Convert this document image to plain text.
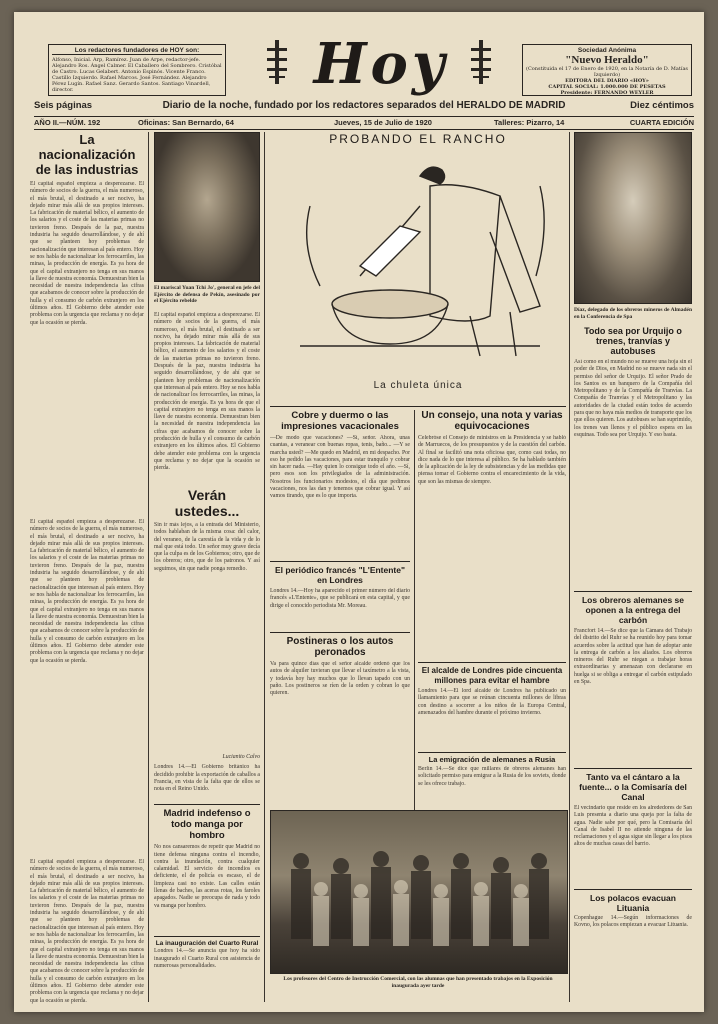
Los redactores fundadores de HOY son:
Alfonso, Inicial. Arp, Ramírez. Juan de Arpe, redactor-jefe. Alejandro Ros. Ángel Calmer. El Caballero del Sombrero. Cristóbal de Castro. Lucas Gelabert. Antonio Espinós. Vicente Franco. Castillo Izquierdo. Rafael Marcos. José Fernández. Alejandro Pérez Lugín. Rafael Sanz. Gerardo Santos. Santiago Vinardell, director.	Hoy	Sociedad Anónima
"Nuevo Heraldo"
(Constituida el 17 de Enero de 1920, en la Notaría de D. Matías Izquierdo)
EDITORA DEL DIARIO «HOY»
CAPITAL SOCIAL: 1.000.000 DE PESETAS
Presidente: FERNANDO WEYLER
Seis páginas	Diario de la noche, fundado por los redactores separados del HERALDO DE MADRID	Diez céntimos
AÑO II.—NÚM. 192	Oficinas: San Bernardo, 64	Jueves, 15 de Julio de 1920	Talleres: Pizarro, 14	CUARTA EDICIÓN
La nacionalización de las industrias
El capital español empieza a desperezarse. El número de socios de la guerra, el más numeroso, el más brutal, el destinado a ser nocivo, ha dejado mirar más allá de sus propios intereses. La fabricación de material bélico, el aumento de los salarios y el coste de las materias primas no tuvieron freno. Después de la paz, nuestra industria ha seguido desarrollándose, y de ahí que se planteen hoy problemas de nacionalización que interesan al país entero. Hoy se nos habla de nacionalizar los ferrocarriles, las minas, la producción de energía. Es ya hora de que el capital extranjero no tenga en sus manos la llave de nuestra economía. Demuestran bien la necesidad de nuestra independencia las cifras que acabamos de conocer sobre la producción de hulla y el consumo de carbón extranjero en los últimos años. El Gobierno debe atender este problema con la urgencia que reclama y no dejar que la ocasión se pierda.
El capital español empieza a desperezarse. El número de socios de la guerra, el más numeroso, el más brutal, el destinado a ser nocivo, ha dejado mirar más allá de sus propios intereses. La fabricación de material bélico, el aumento de los salarios y el coste de las materias primas no tuvieron freno. Después de la paz, nuestra industria ha seguido desarrollándose, y de ahí que se planteen hoy problemas de nacionalización que interesan al país entero. Hoy se nos habla de nacionalizar los ferrocarriles, las minas, la producción de energía. Es ya hora de que el capital extranjero no tenga en sus manos la llave de nuestra economía. Demuestran bien la necesidad de nuestra independencia las cifras que acabamos de conocer sobre la producción de hulla y el consumo de carbón extranjero en los últimos años. El Gobierno debe atender este problema con la urgencia que reclama y no dejar que la ocasión se pierda.
El capital español empieza a desperezarse. El número de socios de la guerra, el más numeroso, el más brutal, el destinado a ser nocivo, ha dejado mirar más allá de sus propios intereses. La fabricación de material bélico, el aumento de los salarios y el coste de las materias primas no tuvieron freno. Después de la paz, nuestra industria ha seguido desarrollándose, y de ahí que se planteen hoy problemas de nacionalización que interesan al país entero. Hoy se nos habla de nacionalizar los ferrocarriles, las minas, la producción de energía. Es ya hora de que el capital extranjero no tenga en sus manos la llave de nuestra economía. Demuestran bien la necesidad de nuestra independencia las cifras que acabamos de conocer sobre la producción de hulla y el consumo de carbón extranjero en los últimos años. El Gobierno debe atender este problema con la urgencia que reclama y no dejar que la ocasión se pierda.
El mariscal Yuan Tchi Jo', general en jefe del Ejército de defensa de Pekín, asesinado por el Ejército rebelde
PROBANDO EL RANCHO
La chuleta única
Díaz, delegado de los obreros mineros de Almadén en la Conferencia de Spa
Todo sea por Urquijo o trenes, tranvías y autobuses
Así como en el mundo no se mueve una hoja sin el poder de Dios, en Madrid no se mueve nada sin el permiso del señor de Urquijo. El señor Prado de los Santos es un banquero de la Compañía del Metropolitano y de la Compañía de Tranvías. La Compañía de Tranvías y el Metropolitano y las autoridades de la ciudad están todos de acuerdo para que no haya más medios de transporte que los que ellos quieren. Los autobuses se han suprimido, los trenes van llenos y el público espera en las esquinas. Todo sea por Urquijo. Y eso basta.
Los obreros alemanes se oponen a la entrega del carbón
Francfort 14.—Se dice que la Cámara del Trabajo del distrito del Ruhr se ha reunido hoy para tomar acuerdos sobre la actitud que han de adoptar ante la entrega de carbón a los aliados. Los obreros mineros del Ruhr se niegan a trabajar horas extraordinarias y amenazan con declararse en huelga si se obliga a entregar el carbón estipulado en Spa.
Tanto va el cántaro a la fuente... o la Comisaría del Canal
El vecindario que reside en los alrededores de San Luis presenta a diario una queja por la falta de agua. Nadie sabe por qué, pero la Comisaría del Canal de Isabel II no atiende ninguna de las reclamaciones y el agua sigue sin llegar a los pisos altos de muchas casas del barrio.
Los polacos evacuan Lituania
Copenhague 14.—Según informaciones de Kovno, los polacos empiezan a evacuar Lituania.
El capital español empieza a desperezarse. El número de socios de la guerra, el más numeroso, el más brutal, el destinado a ser nocivo, ha dejado mirar más allá de sus propios intereses. La fabricación de material bélico, el aumento de los salarios y el coste de las materias primas no tuvieron freno. Después de la paz, nuestra industria ha seguido desarrollándose, y de ahí que se planteen hoy problemas de nacionalización que interesan al país entero. Hoy se nos habla de nacionalizar los ferrocarriles, las minas, la producción de energía. Es ya hora de que el capital extranjero no tenga en sus manos la llave de nuestra economía. Demuestran bien la necesidad de nuestra independencia las cifras que acabamos de conocer sobre la producción de hulla y el consumo de carbón extranjero en los últimos años. El Gobierno debe atender este problema con la urgencia que reclama y no dejar que la ocasión se pierda.
Verán ustedes...
Sin ir más lejos, a la entrada del Ministerio, todos hablaban de la misma cosa: del calor, del veraneo, de la carestía de la vida y de lo mal que está todo. Un señor muy grave decía que la culpa es de los Gobiernos; otro, que de los obreros; otro, que de los patronos. Y así seguimos, sin que nadie ponga remedio.
Lucianito Calvo
Londres 14.—El Gobierno británico ha decidido prohibir la exportación de caballos a Francia, en vista de la falta que de ellos se nota en el Reino Unido.
Madrid indefenso o todo manga por hombro
No nos cansaremos de repetir que Madrid no tiene defensa ninguna contra el incendio, contra la inundación, contra cualquier calamidad. El servicio de incendios es deficiente, el de policía es escaso, el de limpieza casi no existe. Las calles están llenas de baches, las aceras rotas, los faroles apagados. Nadie se preocupa de nada y todo va manga por hombro.
La inauguración del Cuarto Rural
Londres 14.—Se anuncia que hoy ha sido inaugurado el Cuarto Rural con asistencia de numerosas personalidades.
Cobre y duermo o las impresiones vacacionales
—De modo que vacaciones? —Sí, señor. Ahora, unas cuantas, a veranear con buenas ropas, tenis, baño... —Y se marcha usted? —Me quedo en Madrid, en mi despacho. Por eso he pedido las vacaciones, para estar tranquilo y cobrar sin hacer nada. —Hay quien lo consigue todo el año. —Sí, pero esos son los privilegiados de la administración. Nosotros los funcionarios modestos, el día que pedimos vacaciones, nos las dan y tenemos que cobrar igual. Y así vamos tirando, que es lo que importa.
El periódico francés "L'Entente" en Londres
Londres 14.—Hoy ha aparecido el primer número del diario francés «L'Entente», que se publicará en esta capital, y que dirige el conocido periodista Mr. Moreau.
Postineras o los autos peronados
Va para quince días que el señor alcalde ordenó que los autos de alquiler tuvieran que llevar el taxímetro a la vista, y todavía hoy hay muchos que lo llevan tapado con un paño. Los postineros se ríen de la orden y cobran lo que quieren.
Un consejo, una nota y varias equivocaciones
Celebróse el Consejo de ministros en la Presidencia y se habló de Marruecos, de los presupuestos y de la cuestión del carbón. Al final se facilitó una nota oficiosa que, como casi todas, no dice nada de lo que interesa al público. Se ha hablado también de la aplicación de la ley de subsistencias y de las medidas que piensa tomar el Gobierno contra el encarecimiento de la vida, que son las mismas de siempre.
El alcalde de Londres pide cincuenta millones para evitar el hambre
Londres 14.—El lord alcalde de Londres ha publicado un llamamiento para que se reúnan cincuenta millones de libras con destino a socorrer a los niños de la Europa Central, amenazados del hambre durante el próximo invierno.
La emigración de alemanes a Rusia
Berlín 14.—Se dice que millares de obreros alemanes han solicitado permiso para emigrar a la Rusia de los soviets, donde se les ofrece trabajo.
Los profesores del Centro de Instrucción Comercial, con las alumnas que han presentado trabajos en la Exposición inaugurada ayer tarde
